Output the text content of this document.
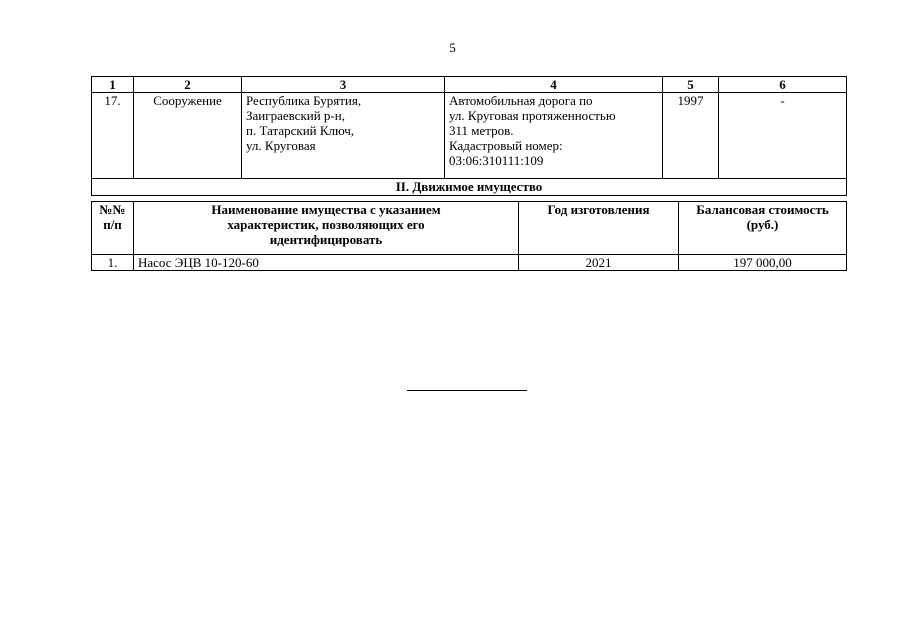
5
1	2	3	4	5	6
17.	Сооружение	Республика Бурятия,
Заиграевский р-н,
п. Татарский Ключ,
ул. Круговая	Автомобильная дорога по
ул. Круговая протяженностью
311 метров.
Кадастровый номер:
03:06:310111:109	1997	-
II. Движимое имущество					
№№
п/п	Наименование имущества с указанием
характеристик, позволяющих его
идентифицировать	Год изготовления	Балансовая стоимость
(руб.)

1.	Насос ЭЦВ 10-120-60	2021	197 000,00
